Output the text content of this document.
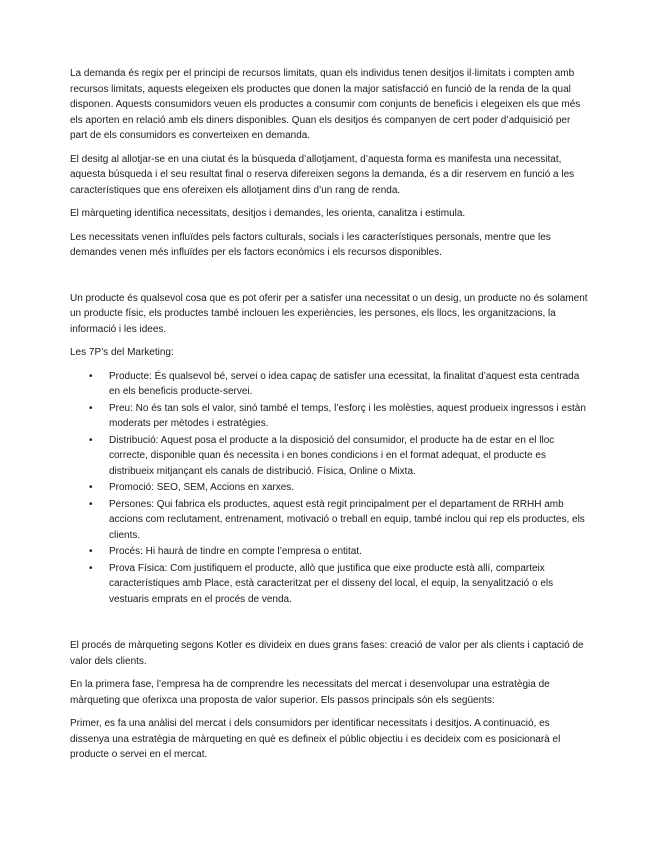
La demanda és regix per el principi de recursos limitats, quan els individus tenen desitjos il·limitats i compten amb recursos limitats, aquests elegeixen els productes que donen la major satisfacció en funció de la renda de la qual disponen. Aquests consumidors veuen els productes a consumir com conjunts de beneficis i elegeixen els que més els aporten en relació amb els diners disponibles. Quan els desitjos és companyen de cert poder d’adquisició per part de els consumidors es converteixen en demanda.

El desitg al allotjar-se en una ciutat és la búsqueda d’allotjament, d’aquesta forma es manifesta una necessitat, aquesta búsqueda i el seu resultat final o reserva difereixen segons la demanda, és a dir reservem en funció a les característiques que ens ofereixen els allotjament dins d’un rang de renda.

El màrqueting identifica necessitats, desitjos i demandes, les orienta, canalitza i estimula.

Les necessitats venen influïdes pels factors culturals, socials i les característiques personals, mentre que les demandes venen més influïdes per els factors econòmics i els recursos disponibles.

Un producte és qualsevol cosa que es pot oferir per a satisfer una necessitat o un desig, un producte no és solament un producte físic, els productes també inclouen les experiències, les persones, els llocs, les organitzacions, la informació i les idees.

Les 7P’s del Marketing:

• Producte: És qualsevol bé, servei o idea capaç de satisfer una ecessitat, la finalitat d’aquest esta centrada en els beneficis producte-servei.
• Preu: No és tan sols el valor, sinó també el temps, l’esforç i les molèsties, aquest produeix ingressos i estàn moderats per mètodes i estratègies.
• Distribució: Aquest posa el producte a la disposició del consumidor, el producte ha de estar en el lloc correcte, disponible quan és necessita i en bones condicions i en el format adequat, el producte es distribueix mitjançant els canals de distribució. Física, Online o Mixta.
• Promoció: SEO, SEM, Accions en xarxes.
• Persones: Qui fabrica els productes, aquest està regit principalment per el departament de RRHH amb accions com reclutament, entrenament, motivació o treball en equip, també inclou qui rep els productes, els clients.
• Procés: Hi haurà de tindre en compte l’empresa o entitat.
• Prova Física: Com justifiquem el producte, allò que justifica que eixe producte està allí, comparteix característiques amb Place, està caracteritzat per el disseny del local, el equip, la senyalització o els vestuaris emprats en el procés de venda.

El procés de màrqueting segons Kotler es divideix en dues grans fases: creació de valor per als clients i captació de valor dels clients.

En la primera fase, l’empresa ha de comprendre les necessitats del mercat i desenvolupar una estratègia de màrqueting que oferixca una proposta de valor superior. Els passos principals són els següents:

Primer, es fa una anàlisi del mercat i dels consumidors per identificar necessitats i desitjos. A continuació, es dissenya una estratègia de màrqueting en què es defineix el públic objectiu i es decideix com es posicionarà el producte o servei en el mercat.
